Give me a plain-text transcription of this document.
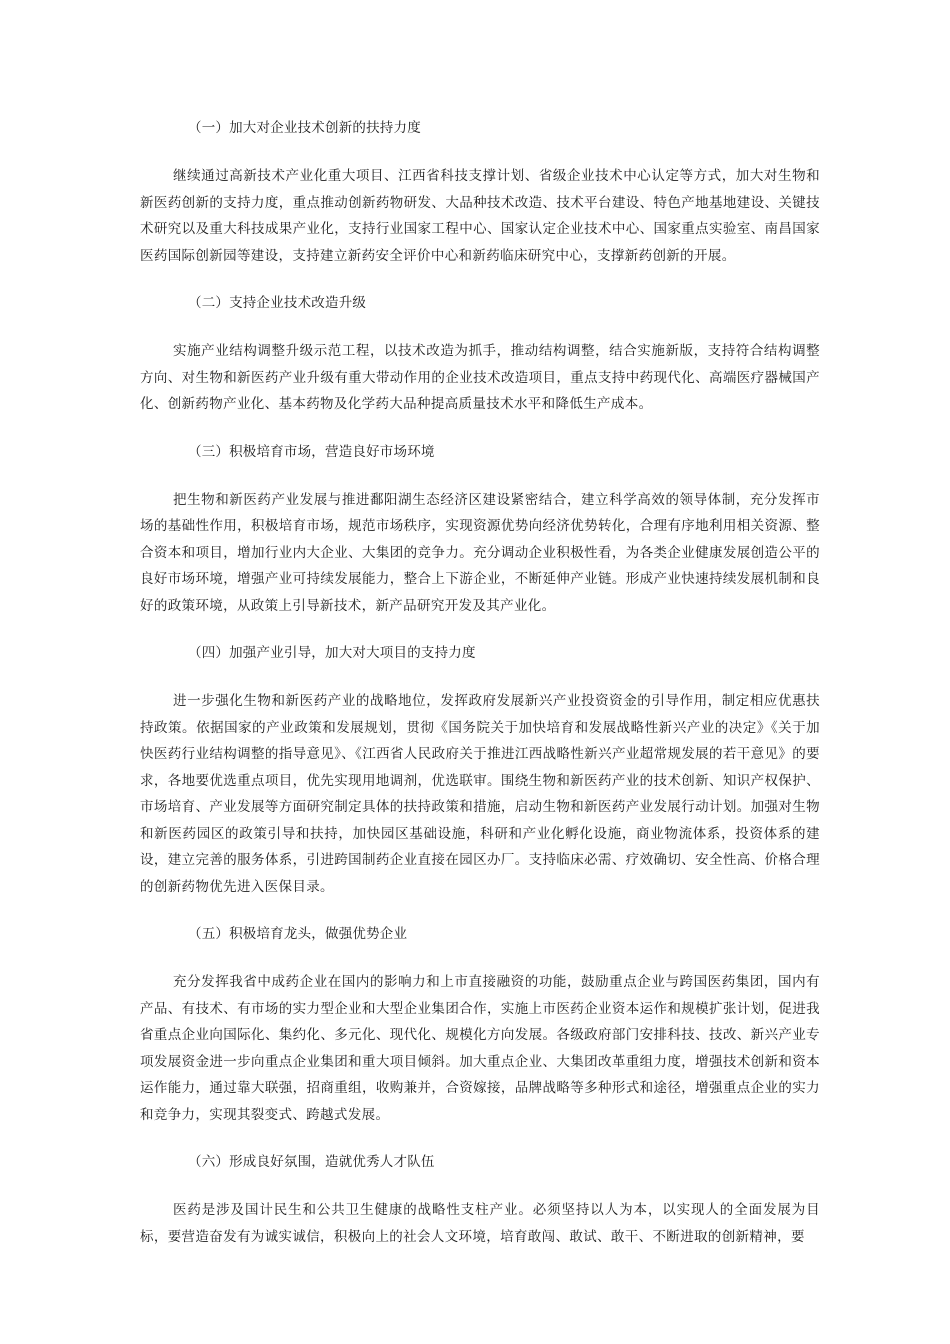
（一）加大对企业技术创新的扶持力度

继续通过高新技术产业化重大项目、江西省科技支撑计划、省级企业技术中心认定等方式，加大对生物和新医药创新的支持力度，重点推动创新药物研发、大品种技术改造、技术平台建设、特色产地基地建设、关键技术研究以及重大科技成果产业化，支持行业国家工程中心、国家认定企业技术中心、国家重点实验室、南昌国家医药国际创新园等建设，支持建立新药安全评价中心和新药临床研究中心，支撑新药创新的开展。

（二）支持企业技术改造升级

实施产业结构调整升级示范工程，以技术改造为抓手，推动结构调整，结合实施新版，支持符合结构调整方向、对生物和新医药产业升级有重大带动作用的企业技术改造项目，重点支持中药现代化、高端医疗器械国产化、创新药物产业化、基本药物及化学药大品种提高质量技术水平和降低生产成本。

（三）积极培育市场，营造良好市场环境

把生物和新医药产业发展与推进鄱阳湖生态经济区建设紧密结合，建立科学高效的领导体制，充分发挥市场的基础性作用，积极培育市场，规范市场秩序，实现资源优势向经济优势转化，合理有序地利用相关资源、整合资本和项目，增加行业内大企业、大集团的竞争力。充分调动企业积极性看，为各类企业健康发展创造公平的良好市场环境，增强产业可持续发展能力，整合上下游企业，不断延伸产业链。形成产业快速持续发展机制和良好的政策环境，从政策上引导新技术，新产品研究开发及其产业化。

（四）加强产业引导，加大对大项目的支持力度

进一步强化生物和新医药产业的战略地位，发挥政府发展新兴产业投资资金的引导作用，制定相应优惠扶持政策。依据国家的产业政策和发展规划，贯彻《国务院关于加快培育和发展战略性新兴产业的决定》《关于加快医药行业结构调整的指导意见》、《江西省人民政府关于推进江西战略性新兴产业超常规发展的若干意见》的要求，各地要优选重点项目，优先实现用地调剂，优选联审。围绕生物和新医药产业的技术创新、知识产权保护、市场培育、产业发展等方面研究制定具体的扶持政策和措施，启动生物和新医药产业发展行动计划。加强对生物和新医药园区的政策引导和扶持，加快园区基础设施，科研和产业化孵化设施，商业物流体系，投资体系的建设，建立完善的服务体系，引进跨国制药企业直接在园区办厂。支持临床必需、疗效确切、安全性高、价格合理的创新药物优先进入医保目录。

（五）积极培育龙头，做强优势企业

充分发挥我省中成药企业在国内的影响力和上市直接融资的功能，鼓励重点企业与跨国医药集团，国内有产品、有技术、有市场的实力型企业和大型企业集团合作，实施上市医药企业资本运作和规模扩张计划，促进我省重点企业向国际化、集约化、多元化、现代化、规模化方向发展。各级政府部门安排科技、技改、新兴产业专项发展资金进一步向重点企业集团和重大项目倾斜。加大重点企业、大集团改革重组力度，增强技术创新和资本运作能力，通过靠大联强，招商重组，收购兼并，合资嫁接，品牌战略等多种形式和途径，增强重点企业的实力和竞争力，实现其裂变式、跨越式发展。

（六）形成良好氛围，造就优秀人才队伍

医药是涉及国计民生和公共卫生健康的战略性支柱产业。必须坚持以人为本，以实现人的全面发展为目标，要营造奋发有为诚实诚信，积极向上的社会人文环境，培育敢闯、敢试、敢干、不断进取的创新精神，要
